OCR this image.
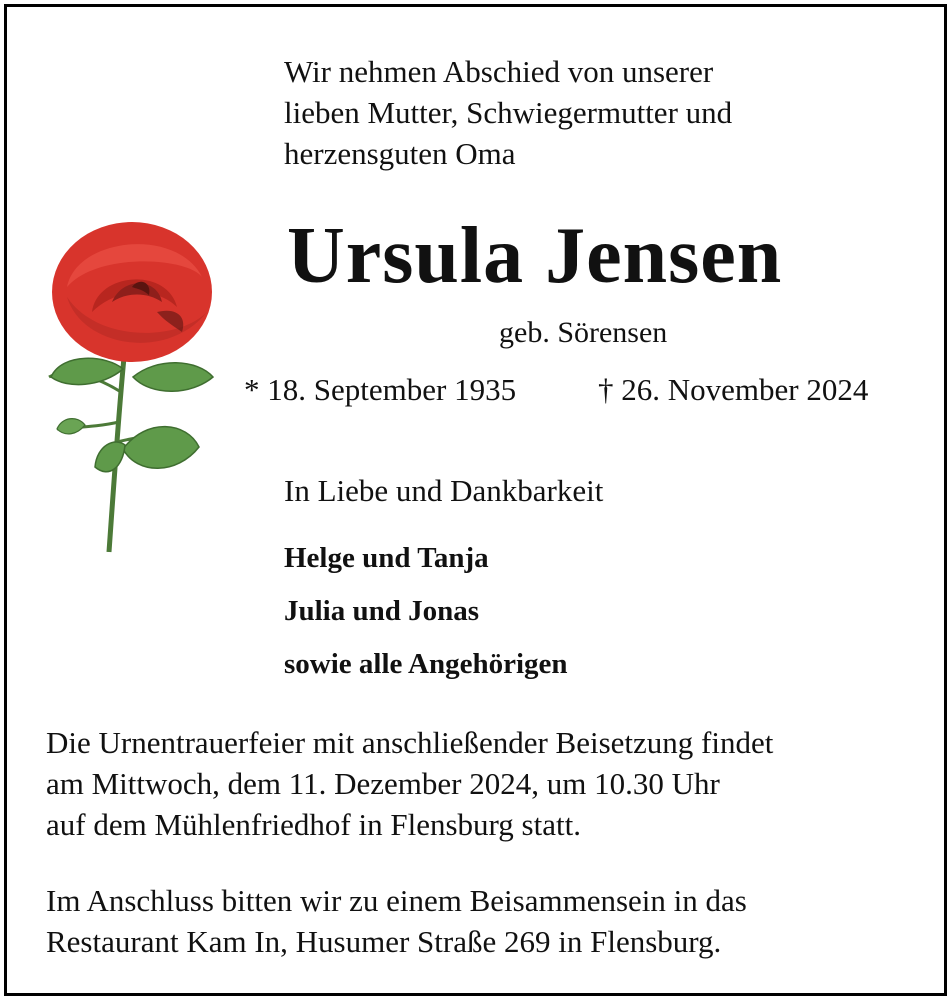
Wir nehmen Abschied von unserer
lieben Mutter, Schwiegermutter und
herzensguten Oma
Ursula Jensen
geb. Sörensen
* 18. September 1935	† 26. November 2024
In Liebe und Dankbarkeit
Helge und Tanja
Julia und Jonas
sowie alle Angehörigen
Die Urnentrauerfeier mit anschließender Beisetzung findet
am Mittwoch, dem 11. Dezember 2024, um 10.30 Uhr
auf dem Mühlenfriedhof in Flensburg statt.
Im Anschluss bitten wir zu einem Beisammensein in das
Restaurant Kam In, Husumer Straße 269 in Flensburg.
